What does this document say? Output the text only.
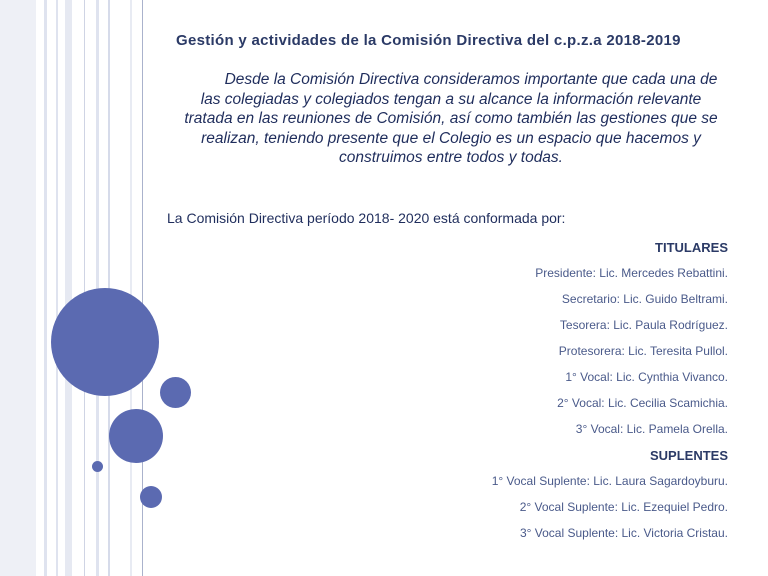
Gestión y actividades de la Comisión Directiva del c.p.z.a 2018-2019
Desde la Comisión Directiva consideramos importante que cada una de
las colegiadas y colegiados tengan a su alcance la información relevante
tratada en las reuniones de Comisión, así como también las gestiones que se
realizan, teniendo presente que el Colegio es un espacio que hacemos y
construimos entre todos y todas.
La Comisión Directiva período 2018- 2020 está conformada por:
TITULARES
Presidente: Lic. Mercedes Rebattini.
Secretario: Lic. Guido Beltrami.
Tesorera: Lic. Paula Rodríguez.
Protesorera: Lic. Teresita Pullol.
1° Vocal: Lic. Cynthia Vivanco.
2° Vocal: Lic. Cecilia Scamichia.
3° Vocal: Lic. Pamela Orella.
SUPLENTES
1° Vocal Suplente: Lic. Laura Sagardoyburu.
2° Vocal Suplente: Lic. Ezequiel Pedro.
3° Vocal Suplente: Lic. Victoria Cristau.
